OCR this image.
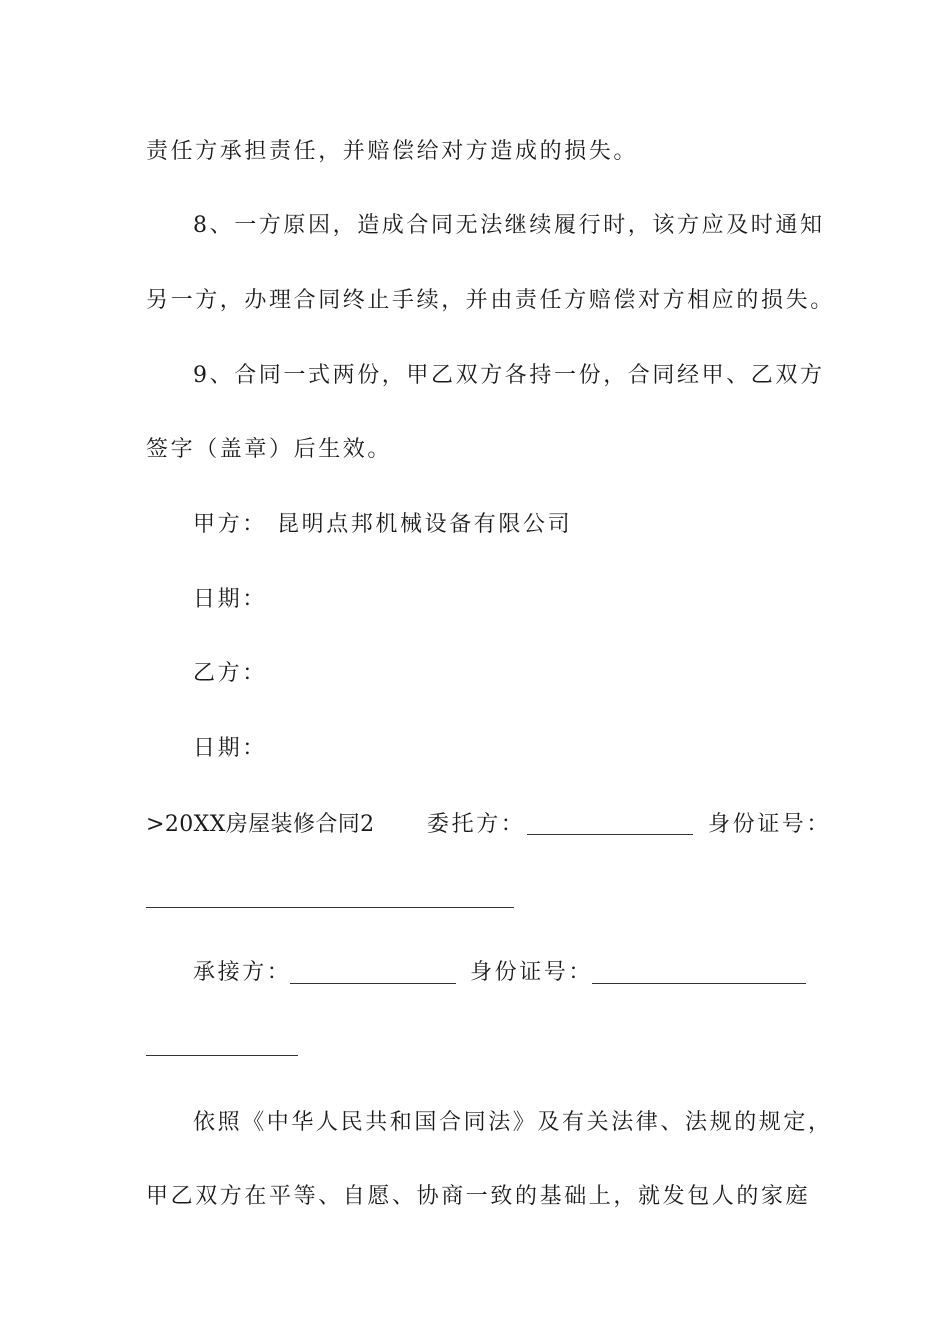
责任方承担责任，并赔偿给对方造成的损失。
8、一方原因，造成合同无法继续履行时，该方应及时通知
另一方，办理合同终止手续，并由责任方赔偿对方相应的损失。
9、合同一式两份，甲乙双方各持一份，合同经甲、乙双方
签字（盖章）后生效。
甲方： 昆明点邦机械设备有限公司
日期：
乙方：
日期：
>20XX房屋装修合同2 委托方：	身份证号：
承接方：	身份证号：
依照《中华人民共和国合同法》及有关法律、法规的规定，
甲乙双方在平等、自愿、协商一致的基础上，就发包人的家庭
